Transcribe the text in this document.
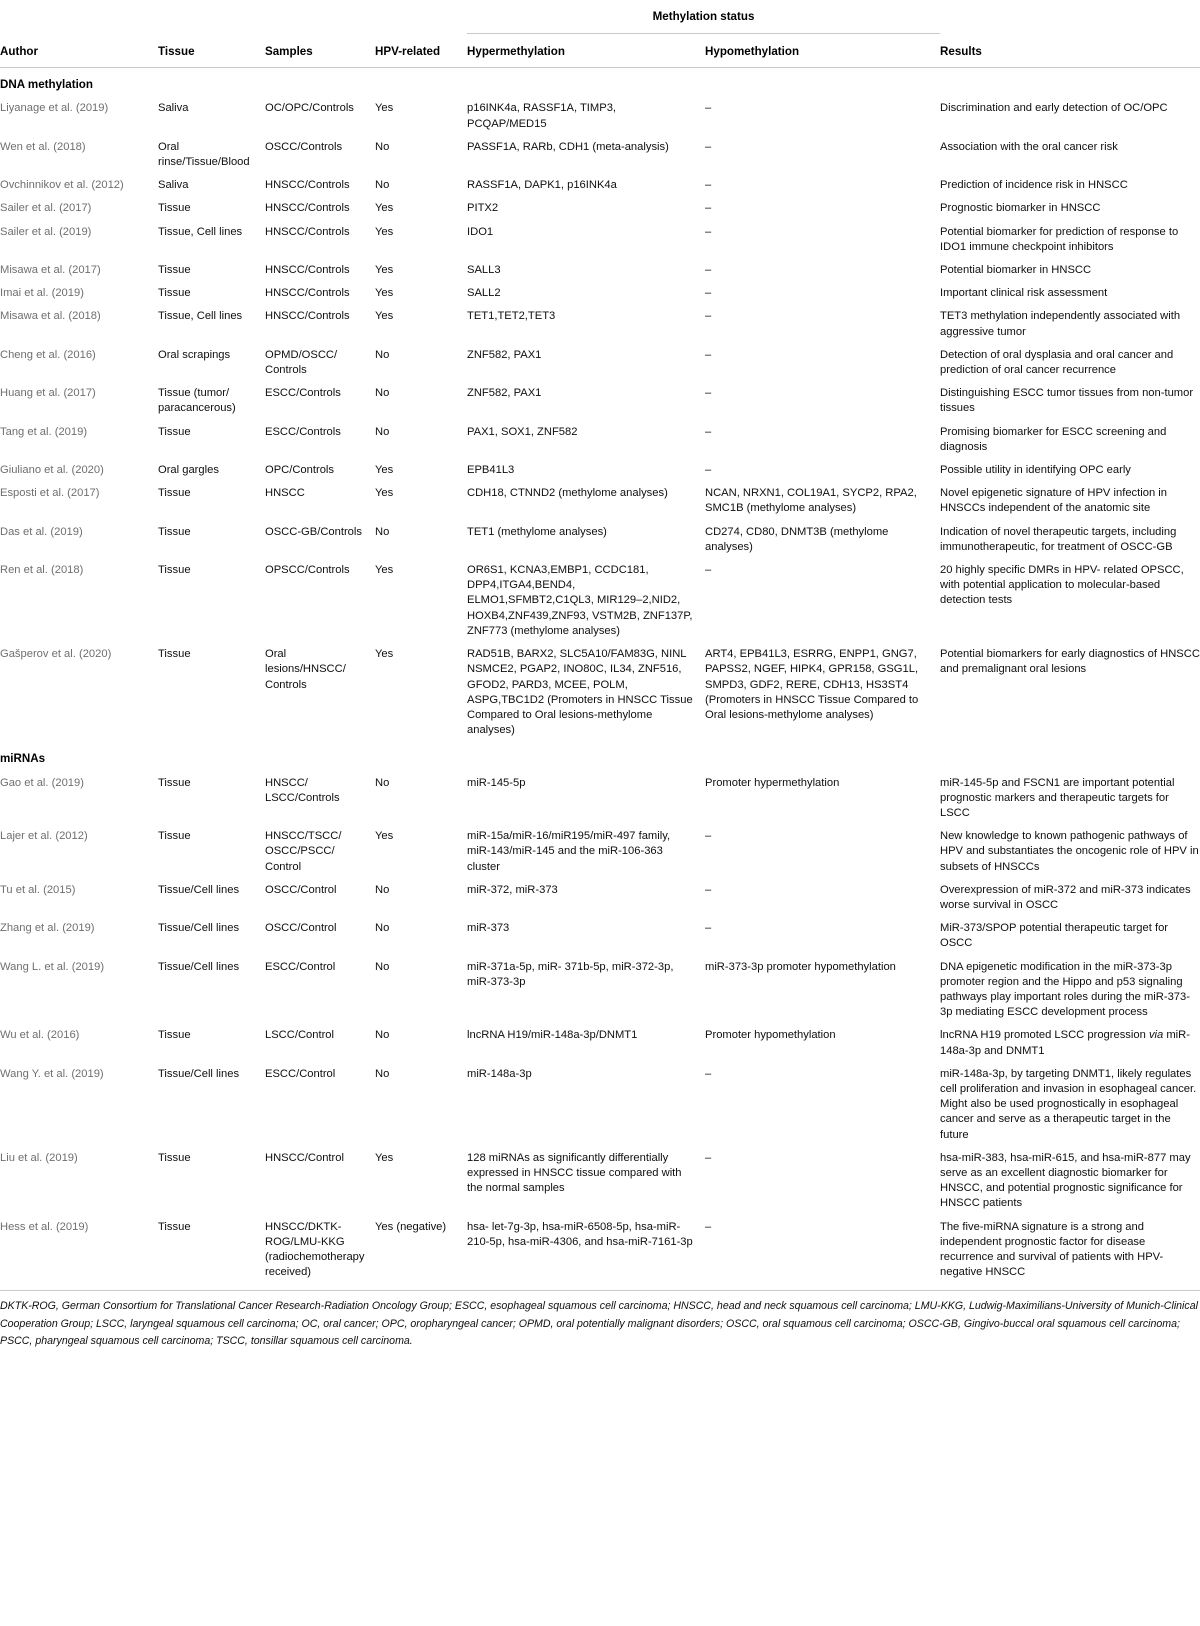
				Methylation status		

Author	Tissue	Samples	HPV-related	Hypermethylation	Hypomethylation	Results
DNA methylation						
Liyanage et al. (2019)	Saliva	OC/OPC/Controls	Yes	p16INK4a, RASSF1A, TIMP3, PCQAP/MED15	–	Discrimination and early detection of OC/OPC
Wen et al. (2018)	Oral rinse/Tissue/Blood	OSCC/Controls	No	PASSF1A, RARb, CDH1 (meta-analysis)	–	Association with the oral cancer risk
Ovchinnikov et al. (2012)	Saliva	HNSCC/Controls	No	RASSF1A, DAPK1, p16INK4a	–	Prediction of incidence risk in HNSCC
Sailer et al. (2017)	Tissue	HNSCC/Controls	Yes	PITX2	–	Prognostic biomarker in HNSCC
Sailer et al. (2019)	Tissue, Cell lines	HNSCC/Controls	Yes	IDO1	–	Potential biomarker for prediction of response to IDO1 immune checkpoint inhibitors
Misawa et al. (2017)	Tissue	HNSCC/Controls	Yes	SALL3	–	Potential biomarker in HNSCC
Imai et al. (2019)	Tissue	HNSCC/Controls	Yes	SALL2	–	Important clinical risk assessment
Misawa et al. (2018)	Tissue, Cell lines	HNSCC/Controls	Yes	TET1,TET2,TET3	–	TET3 methylation independently associated with aggressive tumor
Cheng et al. (2016)	Oral scrapings	OPMD/OSCC/ Controls	No	ZNF582, PAX1	–	Detection of oral dysplasia and oral cancer and prediction of oral cancer recurrence
Huang et al. (2017)	Tissue (tumor/ paracancerous)	ESCC/Controls	No	ZNF582, PAX1	–	Distinguishing ESCC tumor tissues from non-tumor tissues
Tang et al. (2019)	Tissue	ESCC/Controls	No	PAX1, SOX1, ZNF582	–	Promising biomarker for ESCC screening and diagnosis
Giuliano et al. (2020)	Oral gargles	OPC/Controls	Yes	EPB41L3	–	Possible utility in identifying OPC early
Esposti et al. (2017)	Tissue	HNSCC	Yes	CDH18, CTNND2 (methylome analyses)	NCAN, NRXN1, COL19A1, SYCP2, RPA2, SMC1B (methylome analyses)	Novel epigenetic signature of HPV infection in HNSCCs independent of the anatomic site
Das et al. (2019)	Tissue	OSCC-GB/Controls	No	TET1 (methylome analyses)	CD274, CD80, DNMT3B (methylome analyses)	Indication of novel therapeutic targets, including immunotherapeutic, for treatment of OSCC-GB
Ren et al. (2018)	Tissue	OPSCC/Controls	Yes	OR6S1, KCNA3,EMBP1, CCDC181, DPP4,ITGA4,BEND4, ELMO1,SFMBT2,C1QL3, MIR129–2,NID2, HOXB4,ZNF439,ZNF93, VSTM2B, ZNF137P, ZNF773 (methylome analyses)	–	20 highly specific DMRs in HPV- related OPSCC, with potential application to molecular-based detection tests
Gašperov et al. (2020)	Tissue	Oral lesions/HNSCC/ Controls	Yes	RAD51B, BARX2, SLC5A10/FAM83G, NINL NSMCE2, PGAP2, INO80C, IL34, ZNF516, GFOD2, PARD3, MCEE, POLM, ASPG,TBC1D2 (Promoters in HNSCC Tissue Compared to Oral lesions-methylome analyses)	ART4, EPB41L3, ESRRG, ENPP1, GNG7, PAPSS2, NGEF, HIPK4, GPR158, GSG1L, SMPD3, GDF2, RERE, CDH13, HS3ST4 (Promoters in HNSCC Tissue Compared to Oral lesions-methylome analyses)	Potential biomarkers for early diagnostics of HNSCC and premalignant oral lesions
miRNAs						
Gao et al. (2019)	Tissue	HNSCC/ LSCC/Controls	No	miR-145-5p	Promoter hypermethylation	miR-145-5p and FSCN1 are important potential prognostic markers and therapeutic targets for LSCC
Lajer et al. (2012)	Tissue	HNSCC/TSCC/ OSCC/PSCC/ Control	Yes	miR-15a/miR-16/miR195/miR-497 family, miR-143/miR-145 and the miR-106-363 cluster	–	New knowledge to known pathogenic pathways of HPV and substantiates the oncogenic role of HPV in subsets of HNSCCs
Tu et al. (2015)	Tissue/Cell lines	OSCC/Control	No	miR-372, miR-373	–	Overexpression of miR-372 and miR-373 indicates worse survival in OSCC
Zhang et al. (2019)	Tissue/Cell lines	OSCC/Control	No	miR-373	–	MiR-373/SPOP potential therapeutic target for OSCC
Wang L. et al. (2019)	Tissue/Cell lines	ESCC/Control	No	miR-371a-5p, miR- 371b-5p, miR-372-3p, miR-373-3p	miR-373-3p promoter hypomethylation	DNA epigenetic modification in the miR-373-3p promoter region and the Hippo and p53 signaling pathways play important roles during the miR-373-3p mediating ESCC development process
Wu et al. (2016)	Tissue	LSCC/Control	No	lncRNA H19/miR-148a-3p/DNMT1	Promoter hypomethylation	lncRNA H19 promoted LSCC progression via miR-148a-3p and DNMT1
Wang Y. et al. (2019)	Tissue/Cell lines	ESCC/Control	No	miR-148a-3p	–	miR-148a-3p, by targeting DNMT1, likely regulates cell proliferation and invasion in esophageal cancer. Might also be used prognostically in esophageal cancer and serve as a therapeutic target in the future
Liu et al. (2019)	Tissue	HNSCC/Control	Yes	128 miRNAs as significantly differentially expressed in HNSCC tissue compared with the normal samples	–	hsa-miR-383, hsa-miR-615, and hsa-miR-877 may serve as an excellent diagnostic biomarker for HNSCC, and potential prognostic significance for HNSCC patients
Hess et al. (2019)	Tissue	HNSCC/DKTK-ROG/LMU-KKG (radiochemotherapy received)	Yes (negative)	hsa- let-7g-3p, hsa-miR-6508-5p, hsa-miR-210-5p, hsa-miR-4306, and hsa-miR-7161-3p	–	The five-miRNA signature is a strong and independent prognostic factor for disease recurrence and survival of patients with HPV-negative HNSCC
DKTK-ROG, German Consortium for Translational Cancer Research-Radiation Oncology Group; ESCC, esophageal squamous cell carcinoma; HNSCC, head and neck squamous cell carcinoma; LMU-KKG, Ludwig-Maximilians-University of Munich-Clinical Cooperation Group; LSCC, laryngeal squamous cell carcinoma; OC, oral cancer; OPC, oropharyngeal cancer; OPMD, oral potentially malignant disorders; OSCC, oral squamous cell carcinoma; OSCC-GB, Gingivo-buccal oral squamous cell carcinoma; PSCC, pharyngeal squamous cell carcinoma; TSCC, tonsillar squamous cell carcinoma.
